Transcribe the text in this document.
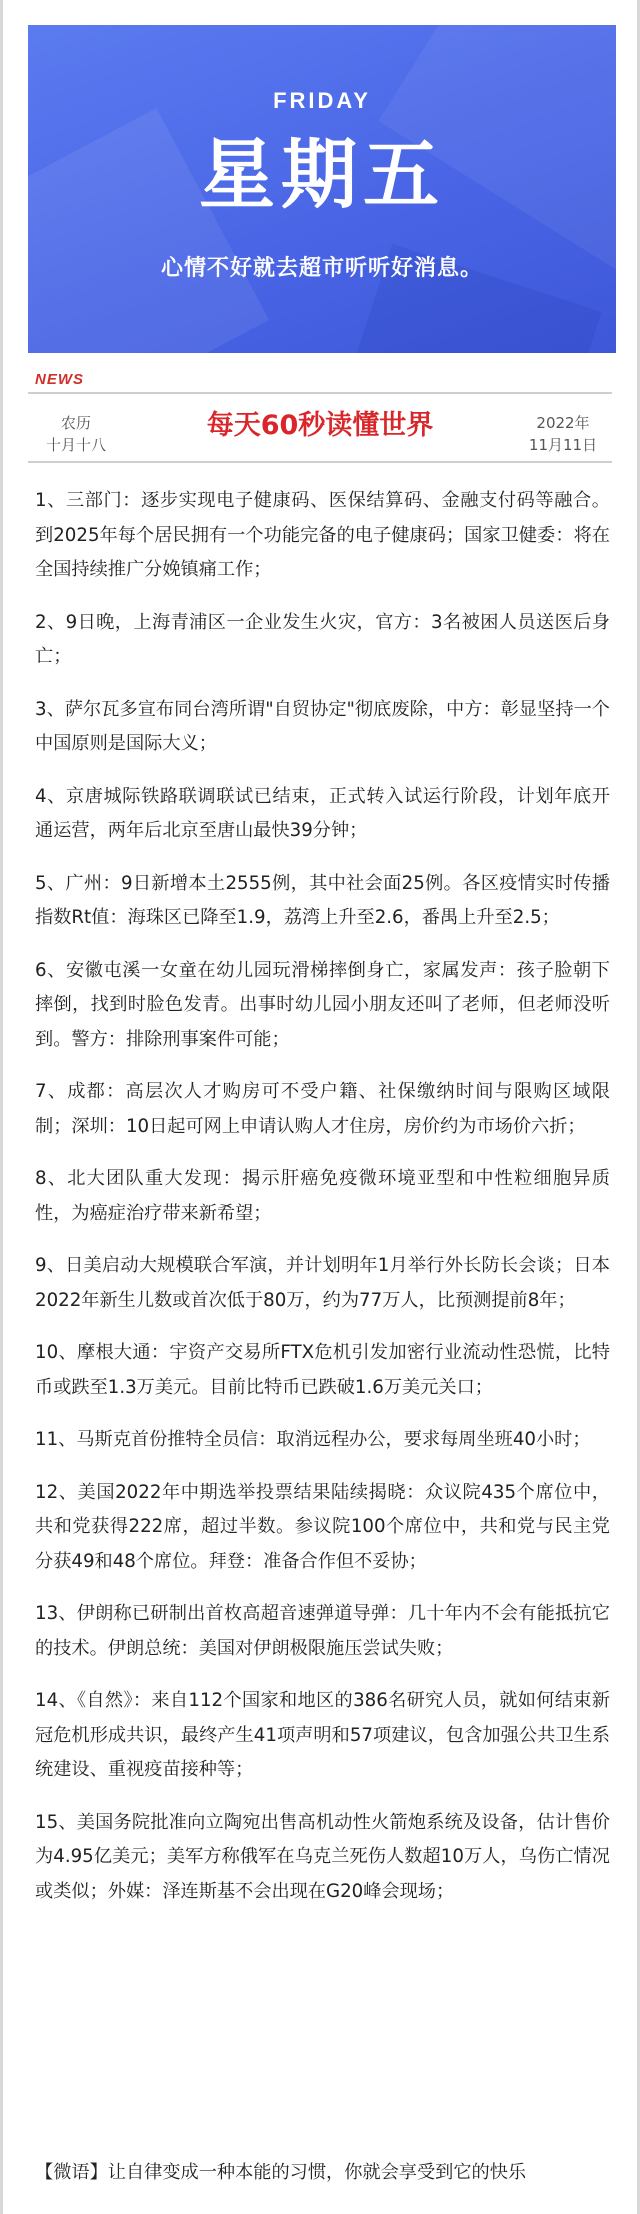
FRIDAY
星期五
心情不好就去超市听听好消息。
NEWS
农历
十月十八
每天60秒读懂世界	2022年
11月11日
1、三部门：逐步实现电子健康码、医保结算码、金融支付码等融合。到2025年每个居民拥有一个功能完备的电子健康码；国家卫健委：将在全国持续推广分娩镇痛工作；
2、9日晚，上海青浦区一企业发生火灾，官方：3名被困人员送医后身亡；
3、萨尔瓦多宣布同台湾所谓"自贸协定"彻底废除，中方：彰显坚持一个中国原则是国际大义；
4、京唐城际铁路联调联试已结束，正式转入试运行阶段，计划年底开通运营，两年后北京至唐山最快39分钟；
5、广州：9日新增本土2555例，其中社会面25例。各区疫情实时传播指数Rt值：海珠区已降至1.9，荔湾上升至2.6，番禺上升至2.5；
6、安徽屯溪一女童在幼儿园玩滑梯摔倒身亡，家属发声：孩子脸朝下摔倒，找到时脸色发青。出事时幼儿园小朋友还叫了老师，但老师没听到。警方：排除刑事案件可能；
7、成都：高层次人才购房可不受户籍、社保缴纳时间与限购区域限制；深圳：10日起可网上申请认购人才住房，房价约为市场价六折；
8、北大团队重大发现：揭示肝癌免疫微环境亚型和中性粒细胞异质性，为癌症治疗带来新希望；
9、日美启动大规模联合军演，并计划明年1月举行外长防长会谈；日本2022年新生儿数或首次低于80万，约为77万人，比预测提前8年；
10、摩根大通：宇资产交易所FTX危机引发加密行业流动性恐慌，比特币或跌至1.3万美元。目前比特币已跌破1.6万美元关口；
11、马斯克首份推特全员信：取消远程办公，要求每周坐班40小时；
12、美国2022年中期选举投票结果陆续揭晓：众议院435个席位中，共和党获得222席，超过半数。参议院100个席位中，共和党与民主党分获49和48个席位。拜登：准备合作但不妥协；
13、伊朗称已研制出首枚高超音速弹道导弹：几十年内不会有能抵抗它的技术。伊朗总统：美国对伊朗极限施压尝试失败；
14、《自然》：来自112个国家和地区的386名研究人员，就如何结束新冠危机形成共识，最终产生41项声明和57项建议，包含加强公共卫生系统建设、重视疫苗接种等；
15、美国务院批准向立陶宛出售高机动性火箭炮系统及设备，估计售价为4.95亿美元；美军方称俄军在乌克兰死伤人数超10万人，乌伤亡情况或类似；外媒：泽连斯基不会出现在G20峰会现场；
【微语】让自律变成一种本能的习惯，你就会享受到它的快乐
